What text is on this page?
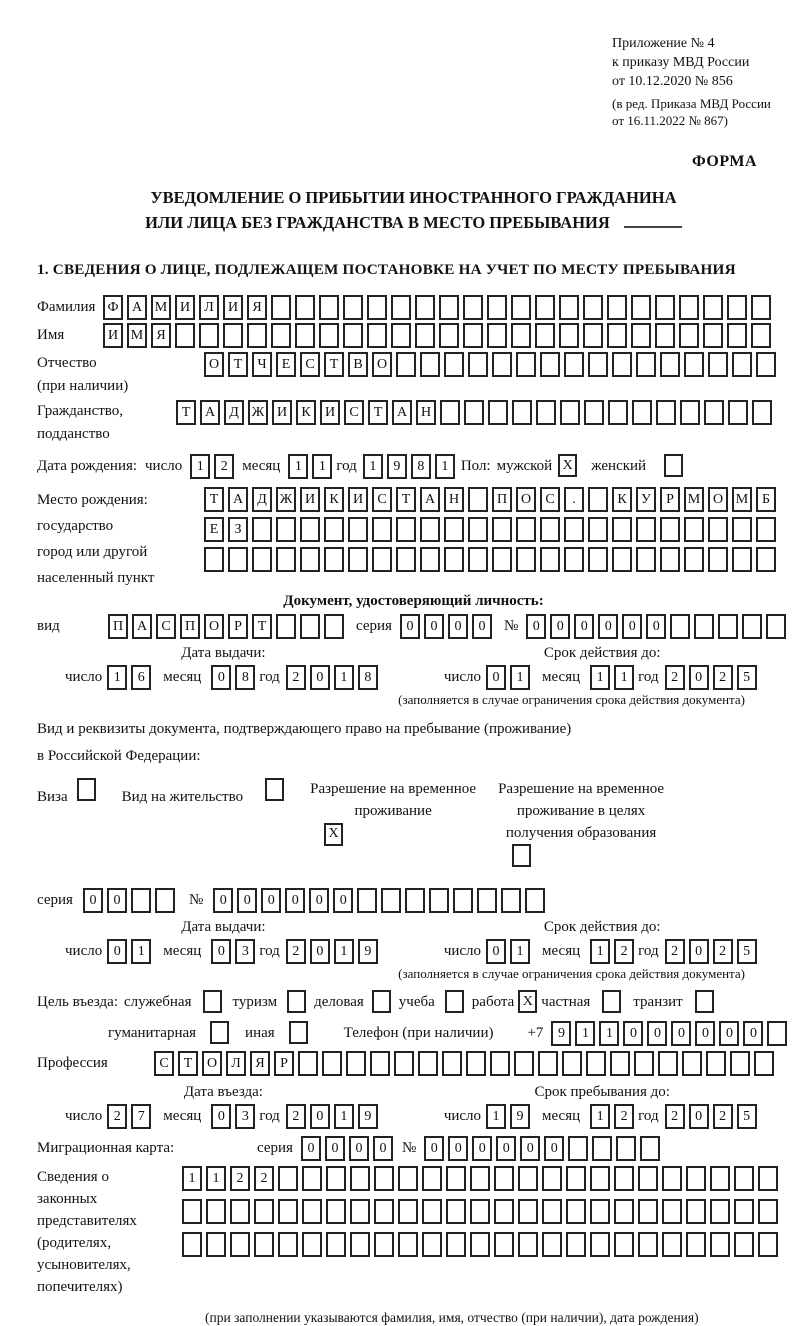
Приложение № 4
к приказу МВД России
от 10.12.2020 № 856
(в ред. Приказа МВД России
от 16.11.2022 № 867)
ФОРМА
УВЕДОМЛЕНИЕ О ПРИБЫТИИ ИНОСТРАННОГО ГРАЖДАНИНА
ИЛИ ЛИЦА БЕЗ ГРАЖДАНСТВА В МЕСТО ПРЕБЫВАНИЯ
1. СВЕДЕНИЯ О ЛИЦЕ, ПОДЛЕЖАЩЕМ ПОСТАНОВКЕ НА УЧЕТ ПО МЕСТУ ПРЕБЫВАНИЯ
Фамилия Ф А М И	Л	И	Я
Имя	И М Я
Отчество
(при наличии)
О	Т	Ч	Е	С	Т	В	О
Гражданство,
подданство
Т	А	Д Ж И	К	И	С	Т	А Н
Дата рождения: число	1	2 месяц	1	1 год 1	9	8	1 Пол: мужской X женский
Место рождения:
государство
город или другой
населенный пункт
Т	А	Д Ж И	К	И	С	Т	А Н	П О	С	.	К	У	Р М О М Б

Е	З

Документ, удостоверяющий личность:
вид	П А	С	П О	Р	Т	серия	0	0	0	0	№	0	0	0	0	0	0
Дата выдачи:
число 1	6	месяц	0	8 год 2	0	1	8
Срок действия до:
число 0	1	месяц	1	1 год 2	0	2	5
(заполняется в случае ограничения срока действия документа)
Вид и реквизиты документа, подтверждающего право на пребывание (проживание)
в Российской Федерации:
Виза	Вид на жительство	Разрешение на временное
проживание
X
Разрешение на временное
проживание в целях
получения образования
серия	0	0	№	0	0	0	0	0	0
Дата выдачи:
число 0	1	месяц	0	3 год 2	0	1	9
Срок действия до:
число 0	1	месяц	1	2 год 2	0	2	5
(заполняется в случае ограничения срока действия документа)
Цель въезда: служебная	туризм деловая учеба работа X частная	транзит
гуманитарная	иная	Телефон (при наличии) +7	9	1	1	0	0	0	0	0	0
Профессия	С	Т	О	Л	Я	Р
Дата въезда:
число 2	7	месяц	0	3 год 2	0	1	9
Срок пребывания до:
число 1	9	месяц	1	2 год 2	0	2	5
Миграционная карта:	серия	0	0	0	0	№	0	0	0	0	0	0
Сведения о
законных
представителях
(родителях,
усыновителях,
попечителях)
1	1	2	2

(при заполнении указываются фамилия, имя, отчество (при наличии), дата рождения)
